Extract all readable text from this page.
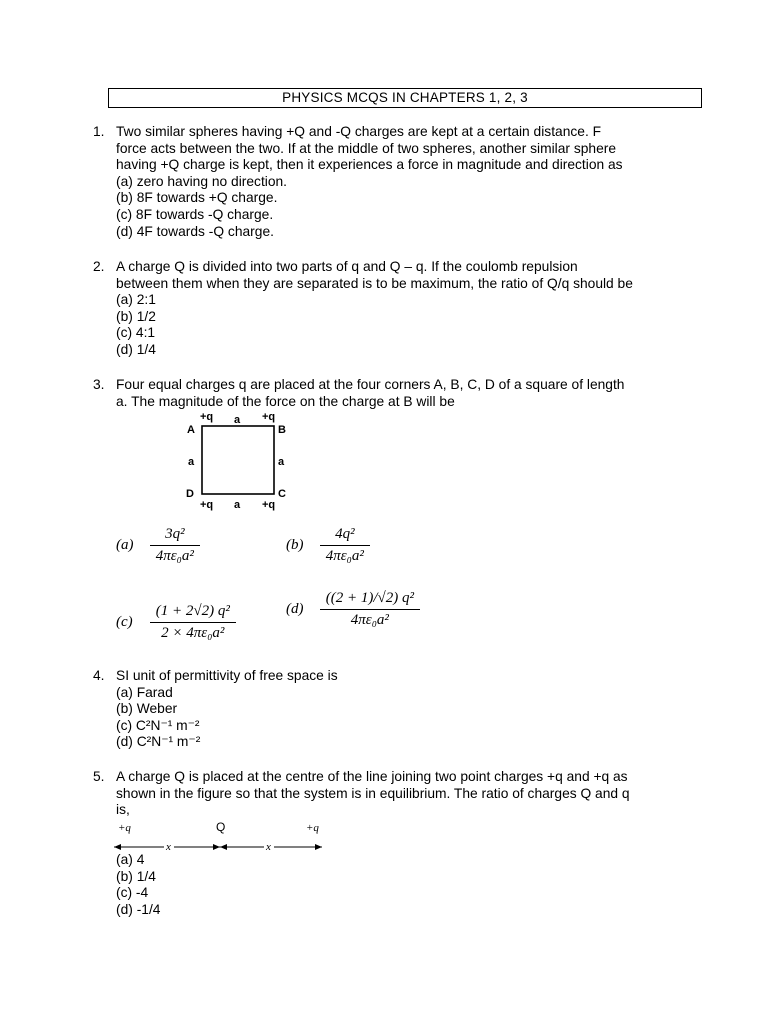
PHYSICS MCQS IN CHAPTERS 1, 2, 3
1. Two similar spheres having +Q and -Q charges are kept at a certain distance. F
force acts between the two. If at the middle of two spheres, another similar sphere
having +Q charge is kept, then it experiences a force in magnitude and direction as
(a) zero having no direction.
(b) 8F towards +Q charge.
(c) 8F towards -Q charge.
(d) 4F towards -Q charge.
2. A charge Q is divided into two parts of q and Q – q. If the coulomb repulsion
between them when they are separated is to be maximum, the ratio of Q/q should be
(a) 2:1
(b) 1/2
(c) 4:1
(d) 1/4
3. Four equal charges q are placed at the four corners A, B, C, D of a square of length
a. The magnitude of the force on the charge at B will be
+q a +q
A	B
a	a
D	C
+q a +q
$(a) \frac{\text{3q²}}{\text{4πε₀a²}}$	$(b) \frac{\text{4q²}}{\text{4πε₀a²}}$
$(c) \frac{\text{(1 + 2√2) q²}}{\text{2 × 4πε₀a²}}$	$(d) \frac{\text{((2 + 1)/√2) q²}}{\text{4πε₀a²}}$
4. SI unit of permittivity of free space is
(a) Farad
(b) Weber
(c) C²N⁻¹ m⁻²
(d) C²N⁻¹ m⁻²
5. A charge Q is placed at the centre of the line joining two point charges +q and +q as
shown in the figure so that the system is in equilibrium. The ratio of charges Q and q
is,
+q	Q	+q
x	x
(a) 4
(b) 1/4
(c) -4
(d) -1/4
